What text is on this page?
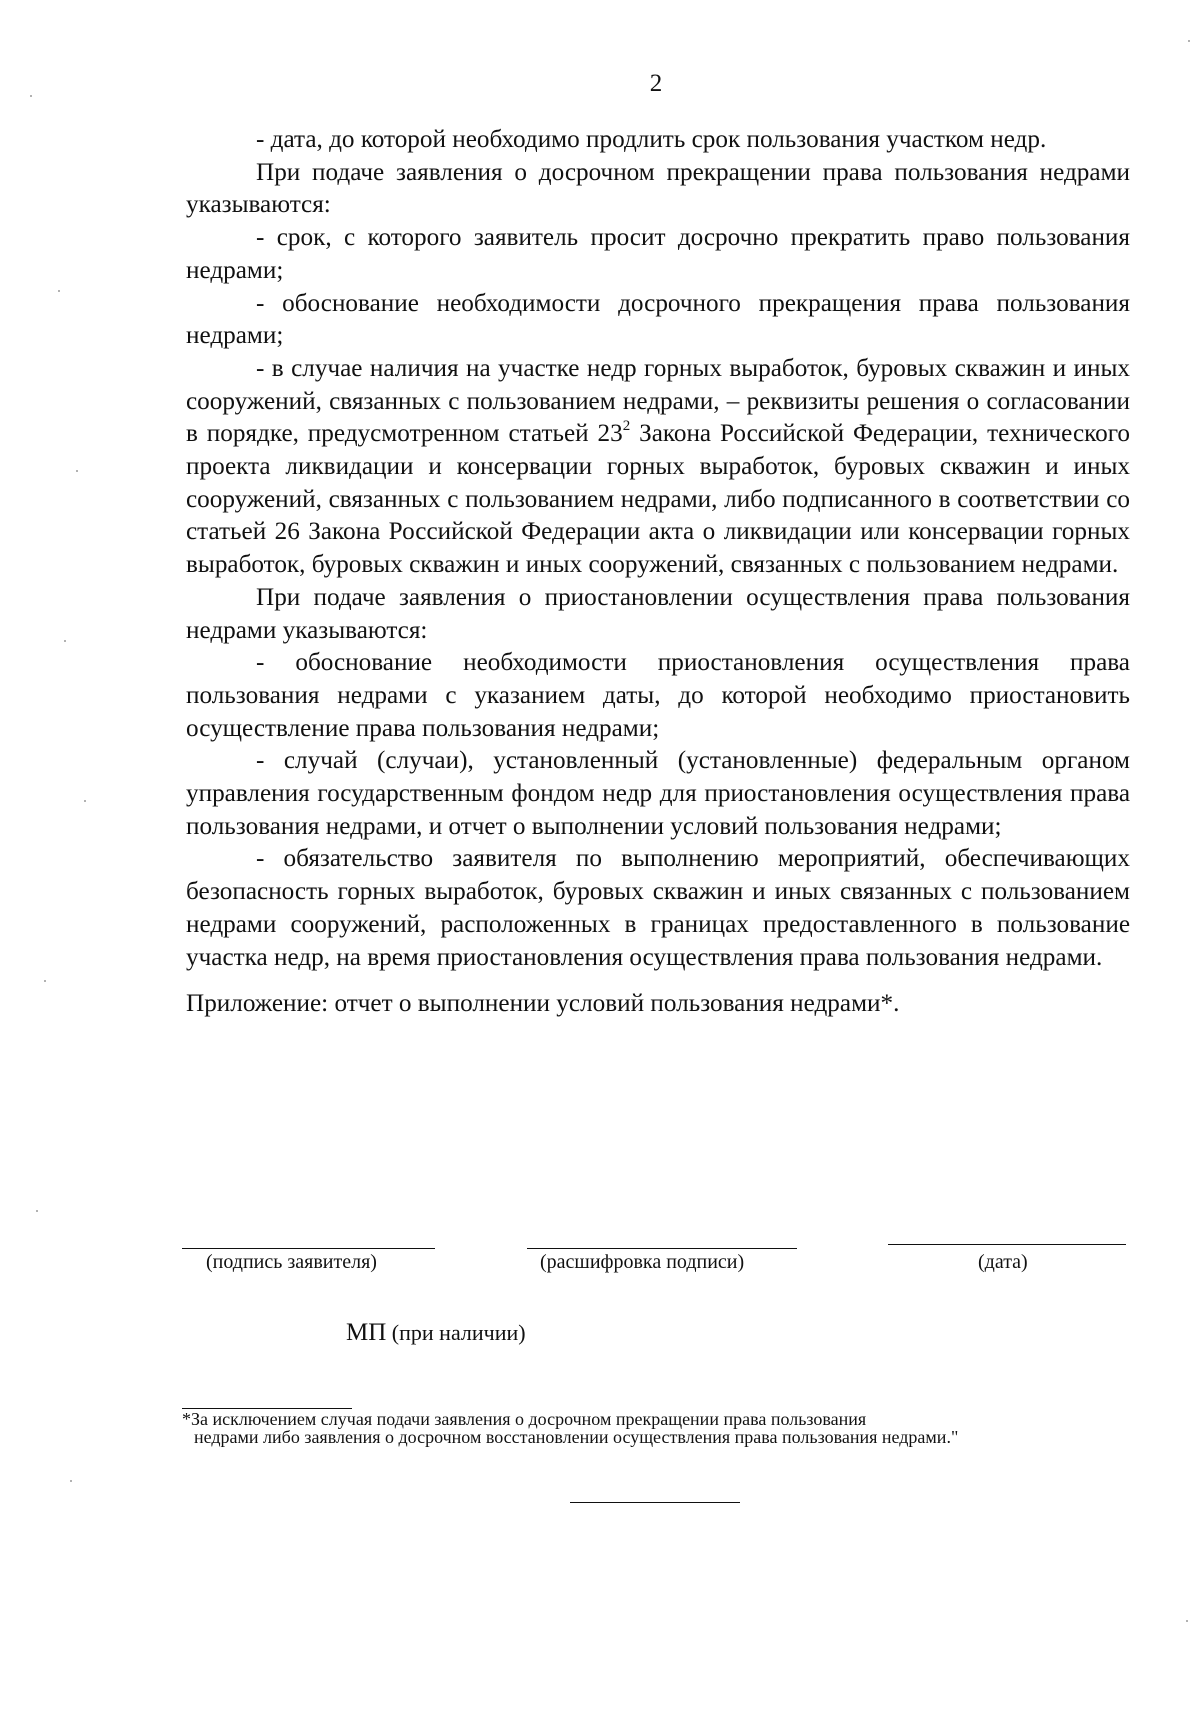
2

- дата, до которой необходимо продлить срок пользования участком недр.

При подаче заявления о досрочном прекращении права пользования недрами указываются:

- срок, с которого заявитель просит досрочно прекратить право пользования недрами;

- обоснование необходимости досрочного прекращения права пользования недрами;

- в случае наличия на участке недр горных выработок, буровых скважин и иных сооружений, связанных с пользованием недрами, – реквизиты решения о согласовании в порядке, предусмотренном статьей $23^2$ Закона Российской Федерации, технического проекта ликвидации и консервации горных выработок, буровых скважин и иных сооружений, связанных с пользованием недрами, либо подписанного в соответствии со статьей 26 Закона Российской Федерации акта о ликвидации или консервации горных выработок, буровых скважин и иных сооружений, связанных с пользованием недрами.

При подаче заявления о приостановлении осуществления права пользования недрами указываются:

- обоснование необходимости приостановления осуществления права пользования недрами с указанием даты, до которой необходимо приостановить осуществление права пользования недрами;

- случай (случаи), установленный (установленные) федеральным органом управления государственным фондом недр для приостановления осуществления права пользования недрами, и отчет о выполнении условий пользования недрами;

- обязательство заявителя по выполнению мероприятий, обеспечивающих безопасность горных выработок, буровых скважин и иных связанных с пользованием недрами сооружений, расположенных в границах предоставленного в пользование участка недр, на время приостановления осуществления права пользования недрами.

Приложение: отчет о выполнении условий пользования недрами*.

(подпись заявителя)	(расшифровка подписи)	(дата)
МП (при наличии)
*За исключением случая подачи заявления о досрочном прекращении права пользования
недрами либо заявления о досрочном восстановлении осуществления права пользования недрами."
